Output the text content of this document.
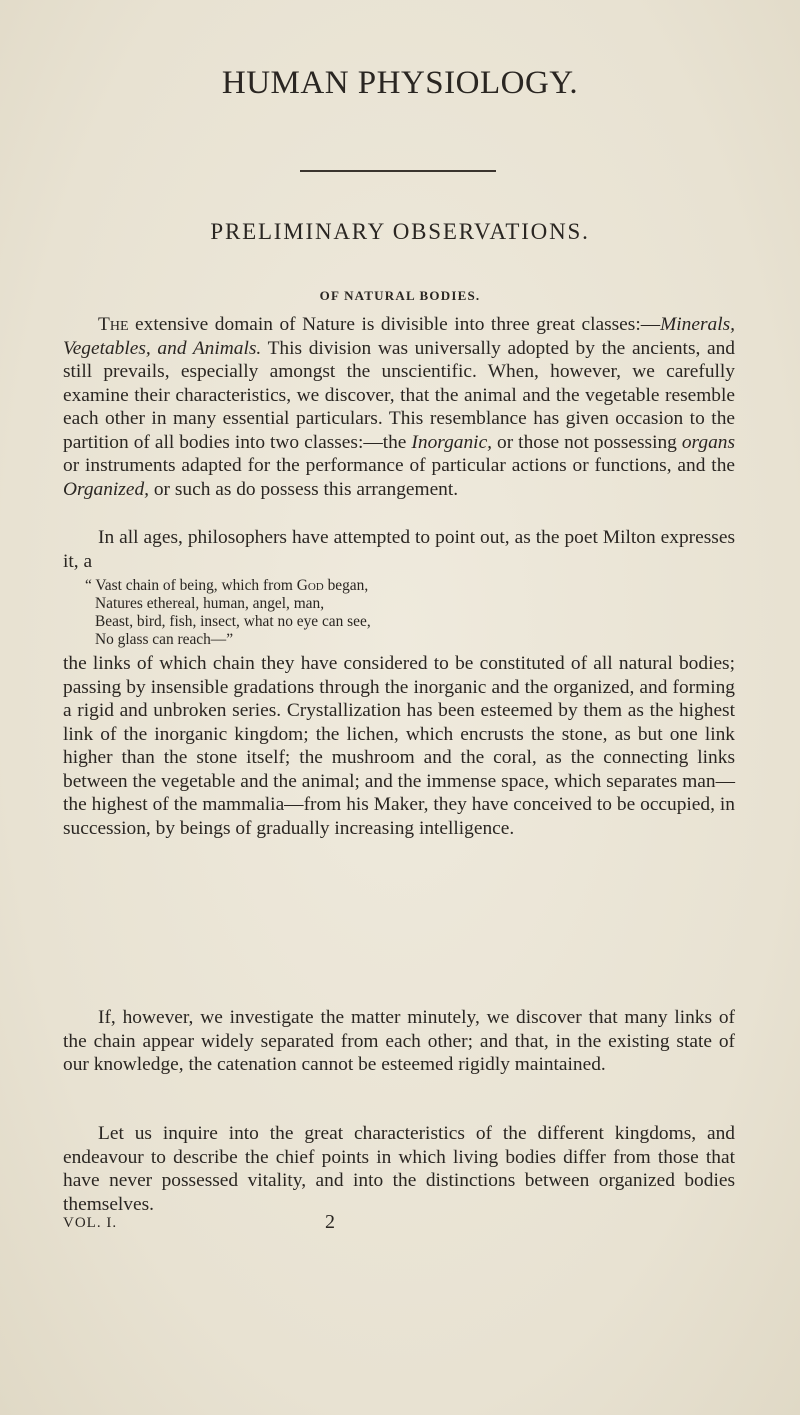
HUMAN PHYSIOLOGY.
PRELIMINARY OBSERVATIONS.
OF NATURAL BODIES.

The extensive domain of Nature is divisible into three great classes:—Minerals, Vegetables, and Animals. This division was universally adopted by the ancients, and still prevails, especially amongst the unscientific. When, however, we carefully examine their characteristics, we discover, that the animal and the vegetable resemble each other in many essential particulars. This resemblance has given occasion to the partition of all bodies into two classes:—the Inorganic, or those not possessing organs or instruments adapted for the performance of particular actions or functions, and the Organized, or such as do possess this arrangement.

In all ages, philosophers have attempted to point out, as the poet Milton expresses it, a

“ Vast chain of being, which from God began,
Natures ethereal, human, angel, man,
Beast, bird, fish, insect, what no eye can see,
No glass can reach—”

the links of which chain they have considered to be constituted of all natural bodies; passing by insensible gradations through the inorganic and the organized, and forming a rigid and unbroken series. Crystallization has been esteemed by them as the highest link of the inorganic kingdom; the lichen, which encrusts the stone, as but one link higher than the stone itself; the mushroom and the coral, as the connecting links between the vegetable and the animal; and the immense space, which separates man—the highest of the mammalia—from his Maker, they have conceived to be occupied, in succession, by beings of gradually increasing intelligence.

If, however, we investigate the matter minutely, we discover that many links of the chain appear widely separated from each other; and that, in the existing state of our knowledge, the catenation cannot be esteemed rigidly maintained.

Let us inquire into the great characteristics of the different kingdoms, and endeavour to describe the chief points in which living bodies differ from those that have never possessed vitality, and into the distinctions between organized bodies themselves.

VOL. I.	2
